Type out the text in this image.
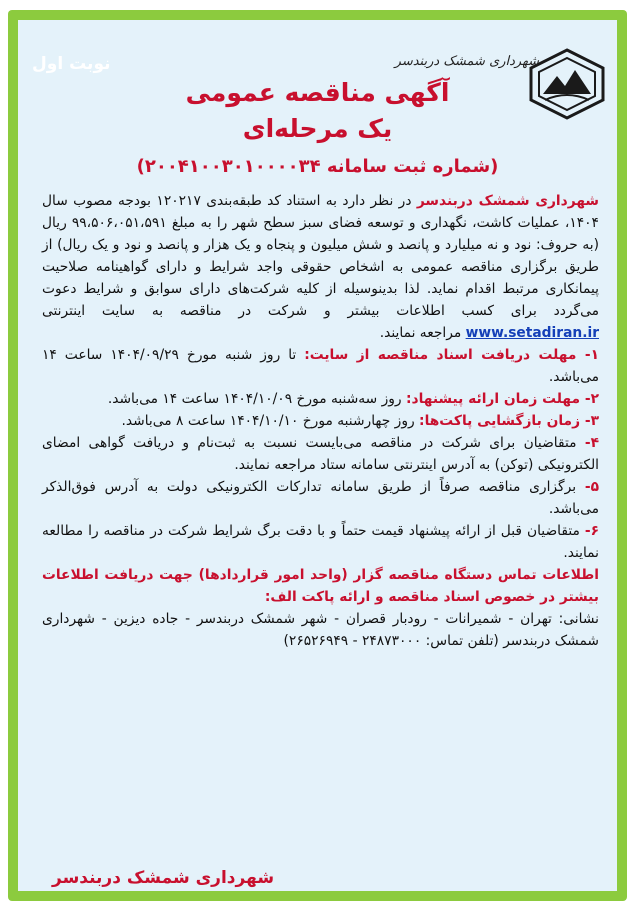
نوبت اول	شهرداری شمشک دربندسر
آگهی مناقصه عمومی
یک مرحله‌ای
(شماره ثبت سامانه ۲۰۰۴۱۰۰۳۰۱۰۰۰۰۳۴)

شهرداری شمشک دربندسر در نظر دارد به استناد کد طبقه‌بندی ۱۲۰۲۱۷ بودجه مصوب سال ۱۴۰۴، عملیات کاشت، نگهداری و توسعه فضای سبز سطح شهر را به مبلغ ۹۹،۵۰۶،۰۵۱،۵۹۱ ریال (به حروف: نود و نه میلیارد و پانصد و شش میلیون و پنجاه و یک هزار و پانصد و نود و یک ریال) از طریق برگزاری مناقصه عمومی به اشخاص حقوقی واجد شرایط و دارای گواهینامه صلاحیت پیمانکاری مرتبط اقدام نماید. لذا بدینوسیله از کلیه شرکت‌های دارای سوابق و شرایط دعوت می‌گردد برای کسب اطلاعات بیشتر و شرکت در مناقصه به سایت اینترنتی www.setadiran.ir مراجعه نمایند.

۱- مهلت دریافت اسناد مناقصه از سایت: تا روز شنبه مورخ ۱۴۰۴/۰۹/۲۹ ساعت ۱۴ می‌باشد.

۲- مهلت زمان ارائه پیشنهاد: روز سه‌شنبه مورخ ۱۴۰۴/۱۰/۰۹ ساعت ۱۴ می‌باشد.

۳- زمان بازگشایی پاکت‌ها: روز چهارشنبه مورخ ۱۴۰۴/۱۰/۱۰ ساعت ۸ می‌باشد.

۴- متقاضیان برای شرکت در مناقصه می‌بایست نسبت به ثبت‌نام و دریافت گواهی امضای الکترونیکی (توکن) به آدرس اینترنتی سامانه ستاد مراجعه نمایند.

۵- برگزاری مناقصه صرفاً از طریق سامانه تدارکات الکترونیکی دولت به آدرس فوق‌الذکر می‌باشد.

۶- متقاضیان قبل از ارائه پیشنهاد قیمت حتماً و با دقت برگ شرایط شرکت در مناقصه را مطالعه نمایند.

اطلاعات تماس دستگاه مناقصه گزار (واحد امور قراردادها) جهت دریافت اطلاعات بیشتر در خصوص اسناد مناقصه و ارائه پاکت الف:

نشانی: تهران - شمیرانات - رودبار قصران - شهر شمشک دربندسر - جاده دیزین - شهرداری شمشک دربندسر (تلفن تماس: ۲۴۸۷۳۰۰۰ - ۲۶۵۲۶۹۴۹)

شهرداری شمشک دربندسر
